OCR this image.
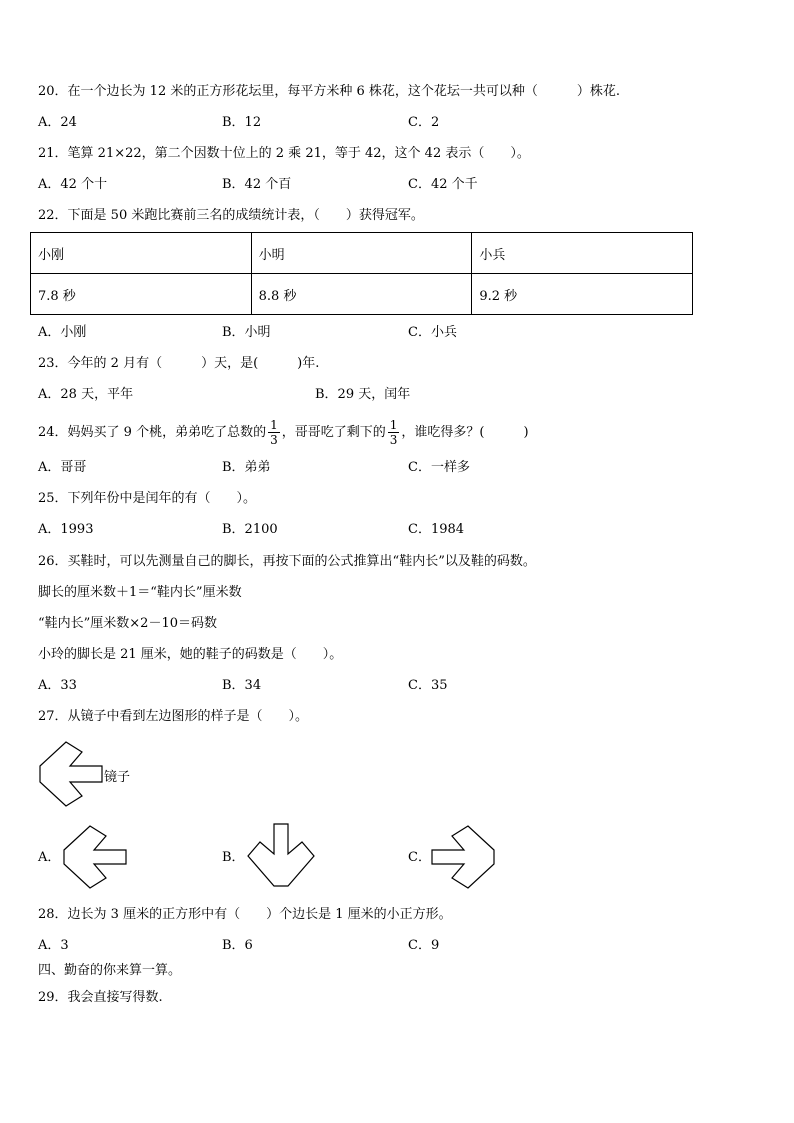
20．在一个边长为 12 米的正方形花坛里，每平方米种 6 株花，这个花坛一共可以种（　　　）株花.
A．24	B．12	C．2
21．笔算 21×22，第二个因数十位上的 2 乘 21，等于 42，这个 42 表示（　　）。
A．42 个十	B．42 个百	C．42 个千
22．下面是 50 米跑比赛前三名的成绩统计表，（　　）获得冠军。
小刚	小明	小兵
7.8 秒	8.8 秒	9.2 秒
A．小刚	B．小明	C．小兵
23．今年的 2 月有（　　　）天，是(　　　)年.
A．28 天，平年	B．29 天，闰年
24．妈妈买了 9 个桃，弟弟吃了总数的 $\frac{1}{3}$ ，哥哥吃了剩下的 $\frac{1}{3}$ ，谁吃得多？(　　　)
A．哥哥	B．弟弟	C．一样多
25．下列年份中是闰年的有（　　）。
A．1993	B．2100	C．1984
26．买鞋时，可以先测量自己的脚长，再按下面的公式推算出“鞋内长”以及鞋的码数。
脚长的厘米数＋1＝“鞋内长”厘米数
“鞋内长”厘米数×2－10＝码数
小玲的脚长是 21 厘米，她的鞋子的码数是（　　）。
A．33	B．34	C．35
27．从镜子中看到左边图形的样子是（　　）。
镜子
A．	B．	C．
28．边长为 3 厘米的正方形中有（　　）个边长是 1 厘米的小正方形。
A．3	B．6	C．9
四、勤奋的你来算一算。
29．我会直接写得数.
